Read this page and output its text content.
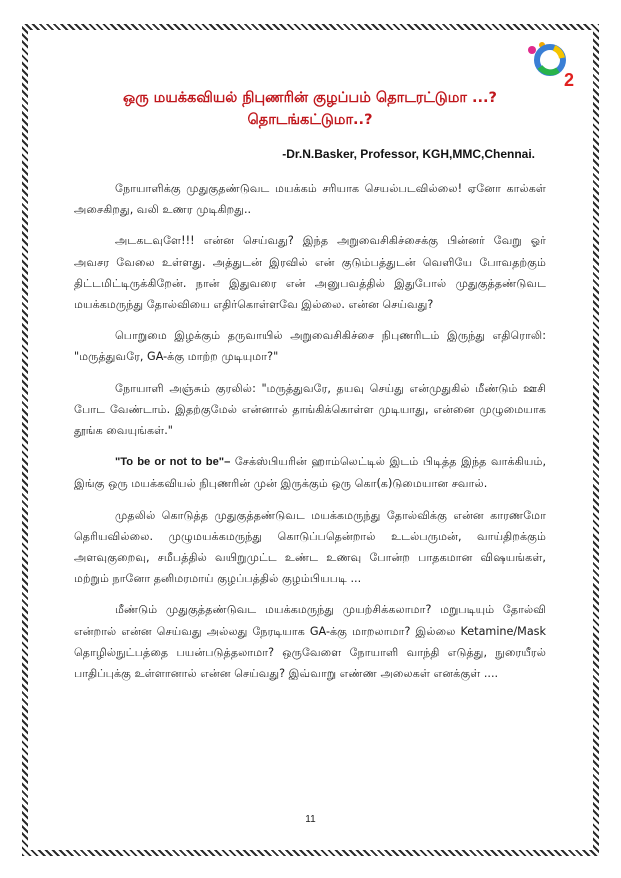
2
ஒரு மயக்கவியல் நிபுணரின் குழப்பம் தொடரட்டுமா ...?
தொடங்கட்டுமா..?
-Dr.N.Basker, Professor, KGH,MMC,Chennai.

நோயாளிக்கு முதுகுதண்டுவட மயக்கம் சரியாக செயல்படவில்லை! ஏனோ கால்கள் அசைகிறது, வலி உணர முடிகிறது..

அடகடவுளே!!! என்ன செய்வது? இந்த அறுவைசிகிச்சைக்கு பின்னர் வேறு ஓர் அவசர வேலை உள்ளது. அத்துடன் இரவில் என் குடும்பத்துடன் வெளியே போவதற்கும் திட்டமிட்டிருக்கிறேன். நான் இதுவரை என் அனுபவத்தில் இதுபோல் முதுகுத்தண்டுவட மயக்கமருந்து தோல்வியை எதிர்கொள்ளவே இல்லை. என்ன செய்வது?

பொறுமை இழக்கும் தருவாயில் அறுவைசிகிச்சை நிபுணரிடம் இருந்து எதிரொலி: "மருத்துவரே, GA-க்கு மாற்ற முடியுமா?"

நோயாளி அஞ்சும் குரலில்: "மருத்துவரே, தயவு செய்து என்முதுகில் மீண்டும் ஊசி போட வேண்டாம். இதற்குமேல் என்னால் தாங்கிக்கொள்ள முடியாது, என்னை முழுமையாக தூங்க வையுங்கள்."

"To be or not to be"– சேக்ஸ்பியரின் ஹாம்லெட்டில் இடம் பிடித்த இந்த வாக்கியம், இங்கு ஒரு மயக்கவியல் நிபுணரின் முன் இருக்கும் ஒரு கொ(க)டுமையான சவால்.

முதலில் கொடுத்த முதுகுத்தண்டுவட மயக்கமருந்து தோல்விக்கு என்ன காரணமோ தெரியவில்லை. முழுமயக்கமருந்து கொடுப்பதென்றால் உடல்பருமன், வாய்திறக்கும் அளவுகுறைவு, சமீபத்தில் வயிறுமுட்ட உண்ட உணவு போன்ற பாதகமான விஷயங்கள், மற்றும் நானோ தனிமரமாய் குழப்பத்தில் குழம்பியபடி ...

மீண்டும் முதுகுத்தண்டுவட மயக்கமருந்து முயற்சிக்கலாமா? மறுபடியும் தோல்வி என்றால் என்ன செய்வது அல்லது நேரடியாக GA-க்கு மாறலாமா? இல்லை Ketamine/Mask தொழில்நுட்பத்தை பயன்படுத்தலாமா? ஒருவேளை நோயாளி வாந்தி எடுத்து, நுரையீரல் பாதிப்புக்கு உள்ளானால் என்ன செய்வது? இவ்வாறு எண்ண அலைகள் எனக்குள் ....

11
